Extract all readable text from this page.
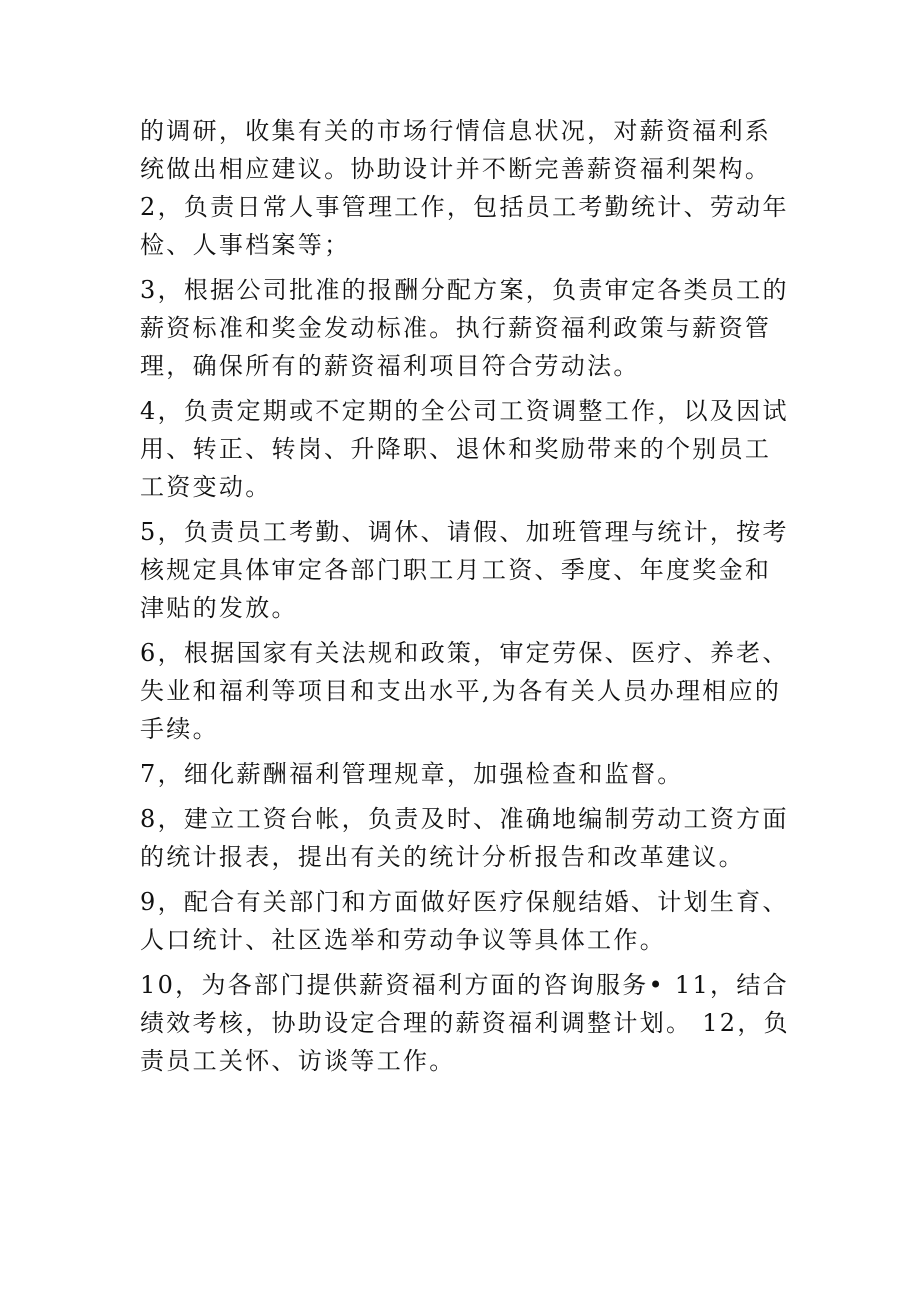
的调研，收集有关的市场行情信息状况，对薪资福利系统做出相应建议。协助设计并不断完善薪资福利架构。 2，负责日常人事管理工作，包括员工考勤统计、劳动年检、人事档案等；

3，根据公司批准的报酬分配方案，负责审定各类员工的薪资标准和奖金发动标准。执行薪资福利政策与薪资管理，确保所有的薪资福利项目符合劳动法。

4，负责定期或不定期的全公司工资调整工作，以及因试用、转正、转岗、升降职、退休和奖励带来的个别员工工资变动。

5，负责员工考勤、调休、请假、加班管理与统计，按考核规定具体审定各部门职工月工资、季度、年度奖金和津贴的发放。

6，根据国家有关法规和政策，审定劳保、医疗、养老、失业和福利等项目和支出水平,为各有关人员办理相应的手续。

7，细化薪酬福利管理规章，加强检查和监督。

8，建立工资台帐，负责及时、准确地编制劳动工资方面的统计报表，提出有关的统计分析报告和改革建议。

9，配合有关部门和方面做好医疗保舰结婚、计划生育、人口统计、社区选举和劳动争议等具体工作。

10，为各部门提供薪资福利方面的咨询服务• 11，结合绩效考核，协助设定合理的薪资福利调整计划。 12，负责员工关怀、访谈等工作。
